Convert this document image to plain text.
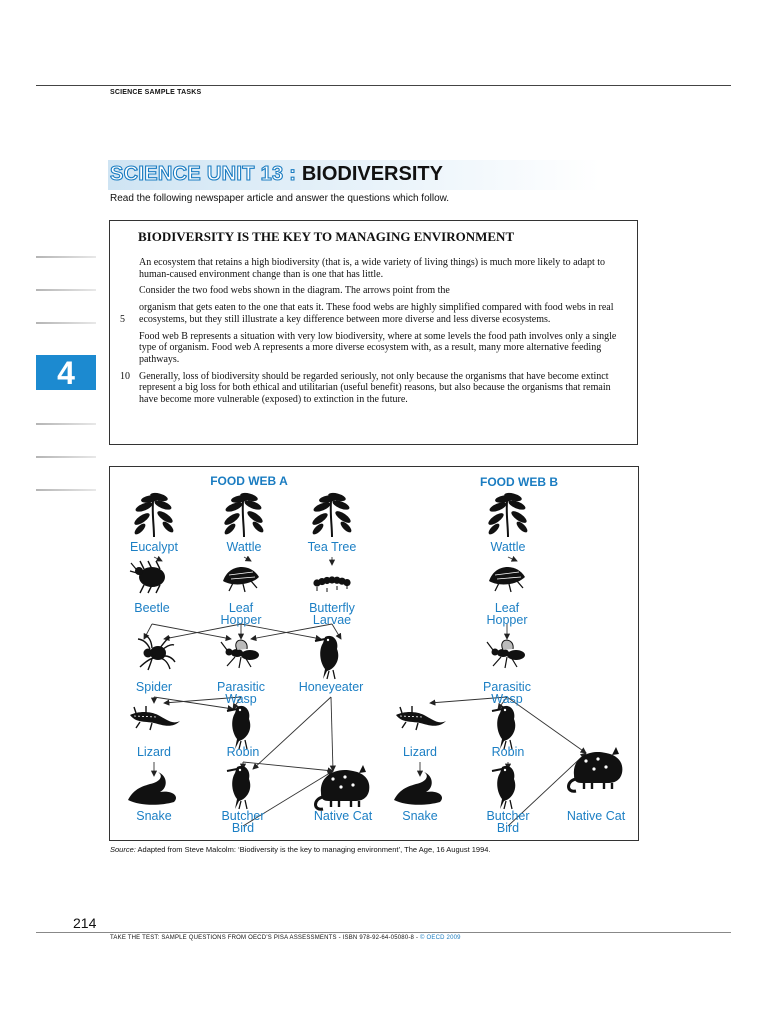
SCIENCE SAMPLE TASKS
SCIENCE UNIT 13 : BIODIVERSITY
Read the following newspaper article and answer the questions which follow.
4
BIODIVERSITY IS THE KEY TO MANAGING ENVIRONMENT

An ecosystem that retains a high biodiversity (that is, a wide variety of living things) is much more likely to adapt to human-caused environment change than is one that has little.

Consider the two food webs shown in the diagram. The arrows point from the

5
organism that gets eaten to the one that eats it. These food webs are highly simplified compared with food webs in real ecosystems, but they still illustrate a key difference between more diverse and less diverse ecosystems.

Food web B represents a situation with very low biodiversity, where at some levels the food path involves only a single type of organism. Food web A represents a more diverse ecosystem with, as a result, many more alternative feeding pathways.

10 Generally, loss of biodiversity should be regarded seriously, not only because the organisms that have become extinct represent a big loss for both ethical and utilitarian (useful benefit) reasons, but also because the organisms that remain have become more vulnerable (exposed) to extinction in the future.

Eucalypt	Wattle	Tea Tree
Beetle	Leaf Hopper
Butterfly Larvae
Spider	Parasitic Wasp
Honeyeater
Lizard	Robin
Snake	Butcher Bird
Native Cat
Wattle
Leaf Hopper
Parasitic Wasp
Lizard	Robin
Snake	Butcher Bird
Native Cat
FOOD WEB A	FOOD WEB B
Source: Adapted from Steve Malcolm: ‘Biodiversity is the key to managing environment’, The Age, 16 August 1994.
214
TAKE THE TEST: SAMPLE QUESTIONS FROM OECD’S PISA ASSESSMENTS - ISBN 978-92-64-05080-8 - © OECD 2009
